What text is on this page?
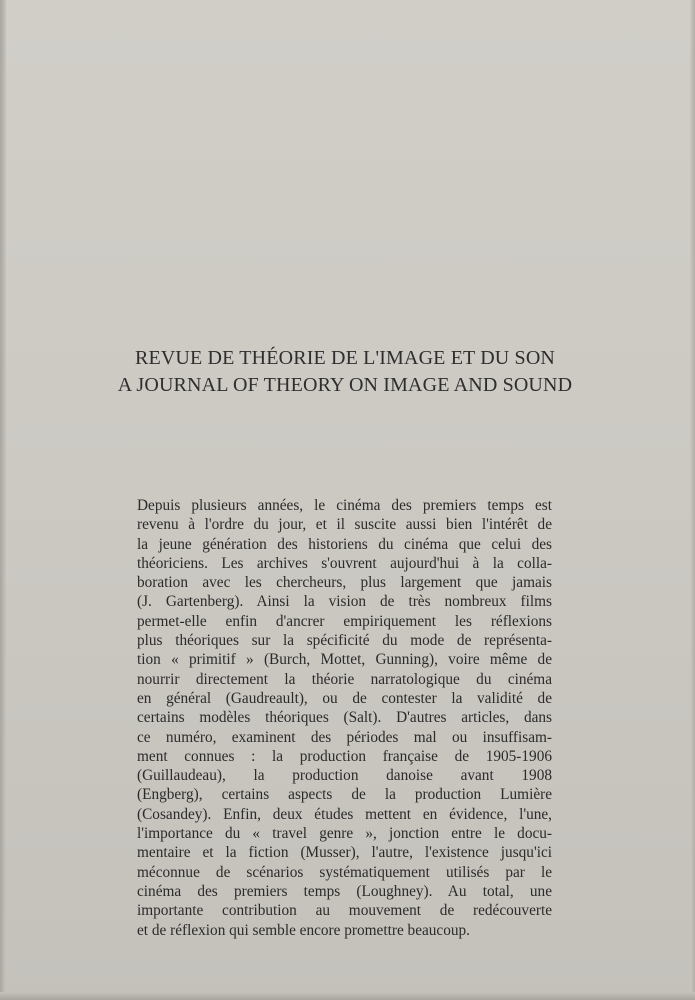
REVUE DE THÉORIE DE L'IMAGE ET DU SON
A JOURNAL OF THEORY ON IMAGE AND SOUND
Depuis plusieurs années, le cinéma des premiers temps est
revenu à l'ordre du jour, et il suscite aussi bien l'intérêt de
la jeune génération des historiens du cinéma que celui des
théoriciens. Les archives s'ouvrent aujourd'hui à la colla-
boration avec les chercheurs, plus largement que jamais
(J. Gartenberg). Ainsi la vision de très nombreux films
permet-elle enfin d'ancrer empiriquement les réflexions
plus théoriques sur la spécificité du mode de représenta-
tion « primitif » (Burch, Mottet, Gunning), voire même de
nourrir directement la théorie narratologique du cinéma
en général (Gaudreault), ou de contester la validité de
certains modèles théoriques (Salt). D'autres articles, dans
ce numéro, examinent des périodes mal ou insuffisam-
ment connues : la production française de 1905-1906
(Guillaudeau), la production danoise avant 1908
(Engberg), certains aspects de la production Lumière
(Cosandey). Enfin, deux études mettent en évidence, l'une,
l'importance du « travel genre », jonction entre le docu-
mentaire et la fiction (Musser), l'autre, l'existence jusqu'ici
méconnue de scénarios systématiquement utilisés par le
cinéma des premiers temps (Loughney). Au total, une
importante contribution au mouvement de redécouverte
et de réflexion qui semble encore promettre beaucoup.
